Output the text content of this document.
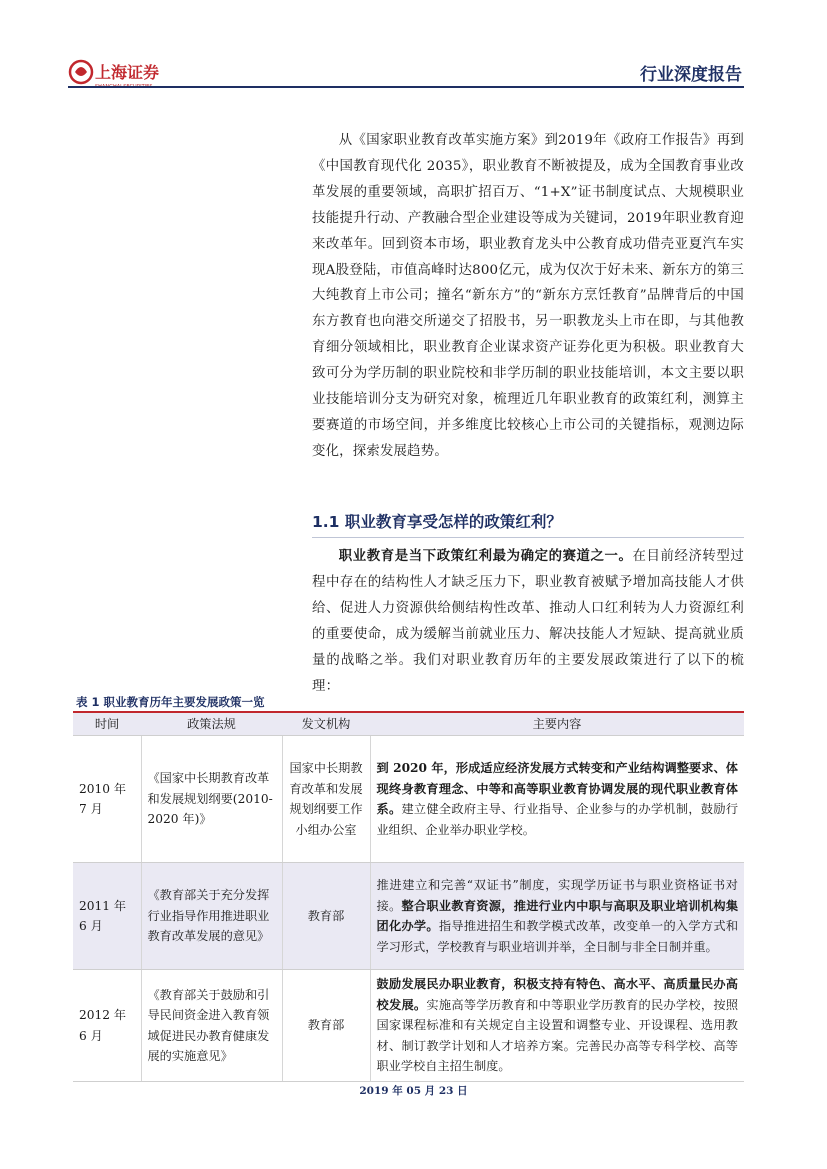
上海证券	行业深度报告

从《国家职业教育改革实施方案》到2019年《政府工作报告》再到《中国教育现代化 2035》，职业教育不断被提及，成为全国教育事业改革发展的重要领域，高职扩招百万、“1+X”证书制度试点、大规模职业技能提升行动、产教融合型企业建设等成为关键词，2019年职业教育迎来改革年。回到资本市场，职业教育龙头中公教育成功借壳亚夏汽车实现A股登陆，市值高峰时达800亿元，成为仅次于好未来、新东方的第三大纯教育上市公司；撞名“新东方”的“新东方烹饪教育”品牌背后的中国东方教育也向港交所递交了招股书，另一职教龙头上市在即，与其他教育细分领域相比，职业教育企业谋求资产证券化更为积极。职业教育大致可分为学历制的职业院校和非学历制的职业技能培训，本文主要以职业技能培训分支为研究对象，梳理近几年职业教育的政策红利，测算主要赛道的市场空间，并多维度比较核心上市公司的关键指标，观测边际变化，探索发展趋势。

1.1 职业教育享受怎样的政策红利？

职业教育是当下政策红利最为确定的赛道之一。在目前经济转型过程中存在的结构性人才缺乏压力下，职业教育被赋予增加高技能人才供给、促进人力资源供给侧结构性改革、推动人口红利转为人力资源红利的重要使命，成为缓解当前就业压力、解决技能人才短缺、提高就业质量的战略之举。我们对职业教育历年的主要发展政策进行了以下的梳理：

表 1 职业教育历年主要发展政策一览
时间	政策法规	发文机构	主要内容
2010 年 7 月	《国家中长期教育改革和发展规划纲要(2010-2020 年)》	国家中长期教育改革和发展规划纲要工作小组办公室	到 2020 年，形成适应经济发展方式转变和产业结构调整要求、体现终身教育理念、中等和高等职业教育协调发展的现代职业教育体系。建立健全政府主导、行业指导、企业参与的办学机制，鼓励行业组织、企业举办职业学校。
2011 年 6 月	《教育部关于充分发挥行业指导作用推进职业教育改革发展的意见》	教育部	推进建立和完善“双证书”制度，实现学历证书与职业资格证书对接。整合职业教育资源，推进行业内中职与高职及职业培训机构集团化办学。指导推进招生和教学模式改革，改变单一的入学方式和学习形式，学校教育与职业培训并举，全日制与非全日制并重。
2012 年 6 月	《教育部关于鼓励和引导民间资金进入教育领域促进民办教育健康发展的实施意见》	教育部	鼓励发展民办职业教育，积极支持有特色、高水平、高质量民办高校发展。实施高等学历教育和中等职业学历教育的民办学校，按照国家课程标准和有关规定自主设置和调整专业、开设课程、选用教材、制订教学计划和人才培养方案。完善民办高等专科学校、高等职业学校自主招生制度。
2019 年 05 月 23 日
